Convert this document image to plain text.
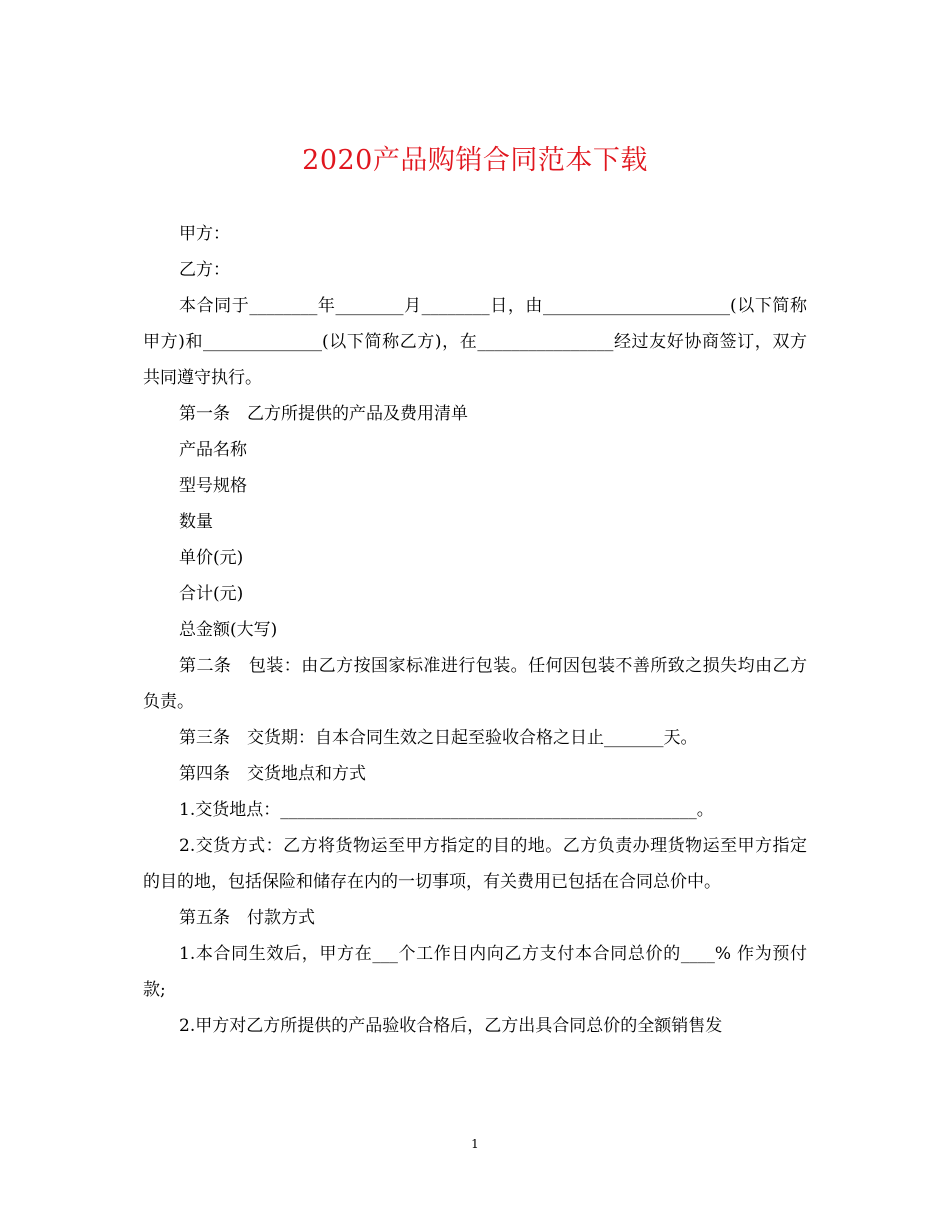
2020产品购销合同范本下载

甲方：

乙方：

本合同于________年________月________日，由______________________(以下简称甲方)和______________(以下简称乙方)，在________________经过友好协商签订，双方共同遵守执行。

第一条　乙方所提供的产品及费用清单

产品名称

型号规格

数量

单价(元)

合计(元)

总金额(大写)

第二条　包装：由乙方按国家标准进行包装。任何因包装不善所致之损失均由乙方负责。

第三条　交货期：自本合同生效之日起至验收合格之日止_______天。

第四条　交货地点和方式

1.交货地点：_________________________________________________。

2.交货方式：乙方将货物运至甲方指定的目的地。乙方负责办理货物运至甲方指定的目的地，包括保险和储存在内的一切事项，有关费用已包括在合同总价中。

第五条　付款方式

1.本合同生效后，甲方在___个工作日内向乙方支付本合同总价的____% 作为预付款;

2.甲方对乙方所提供的产品验收合格后，乙方出具合同总价的全额销售发

1
